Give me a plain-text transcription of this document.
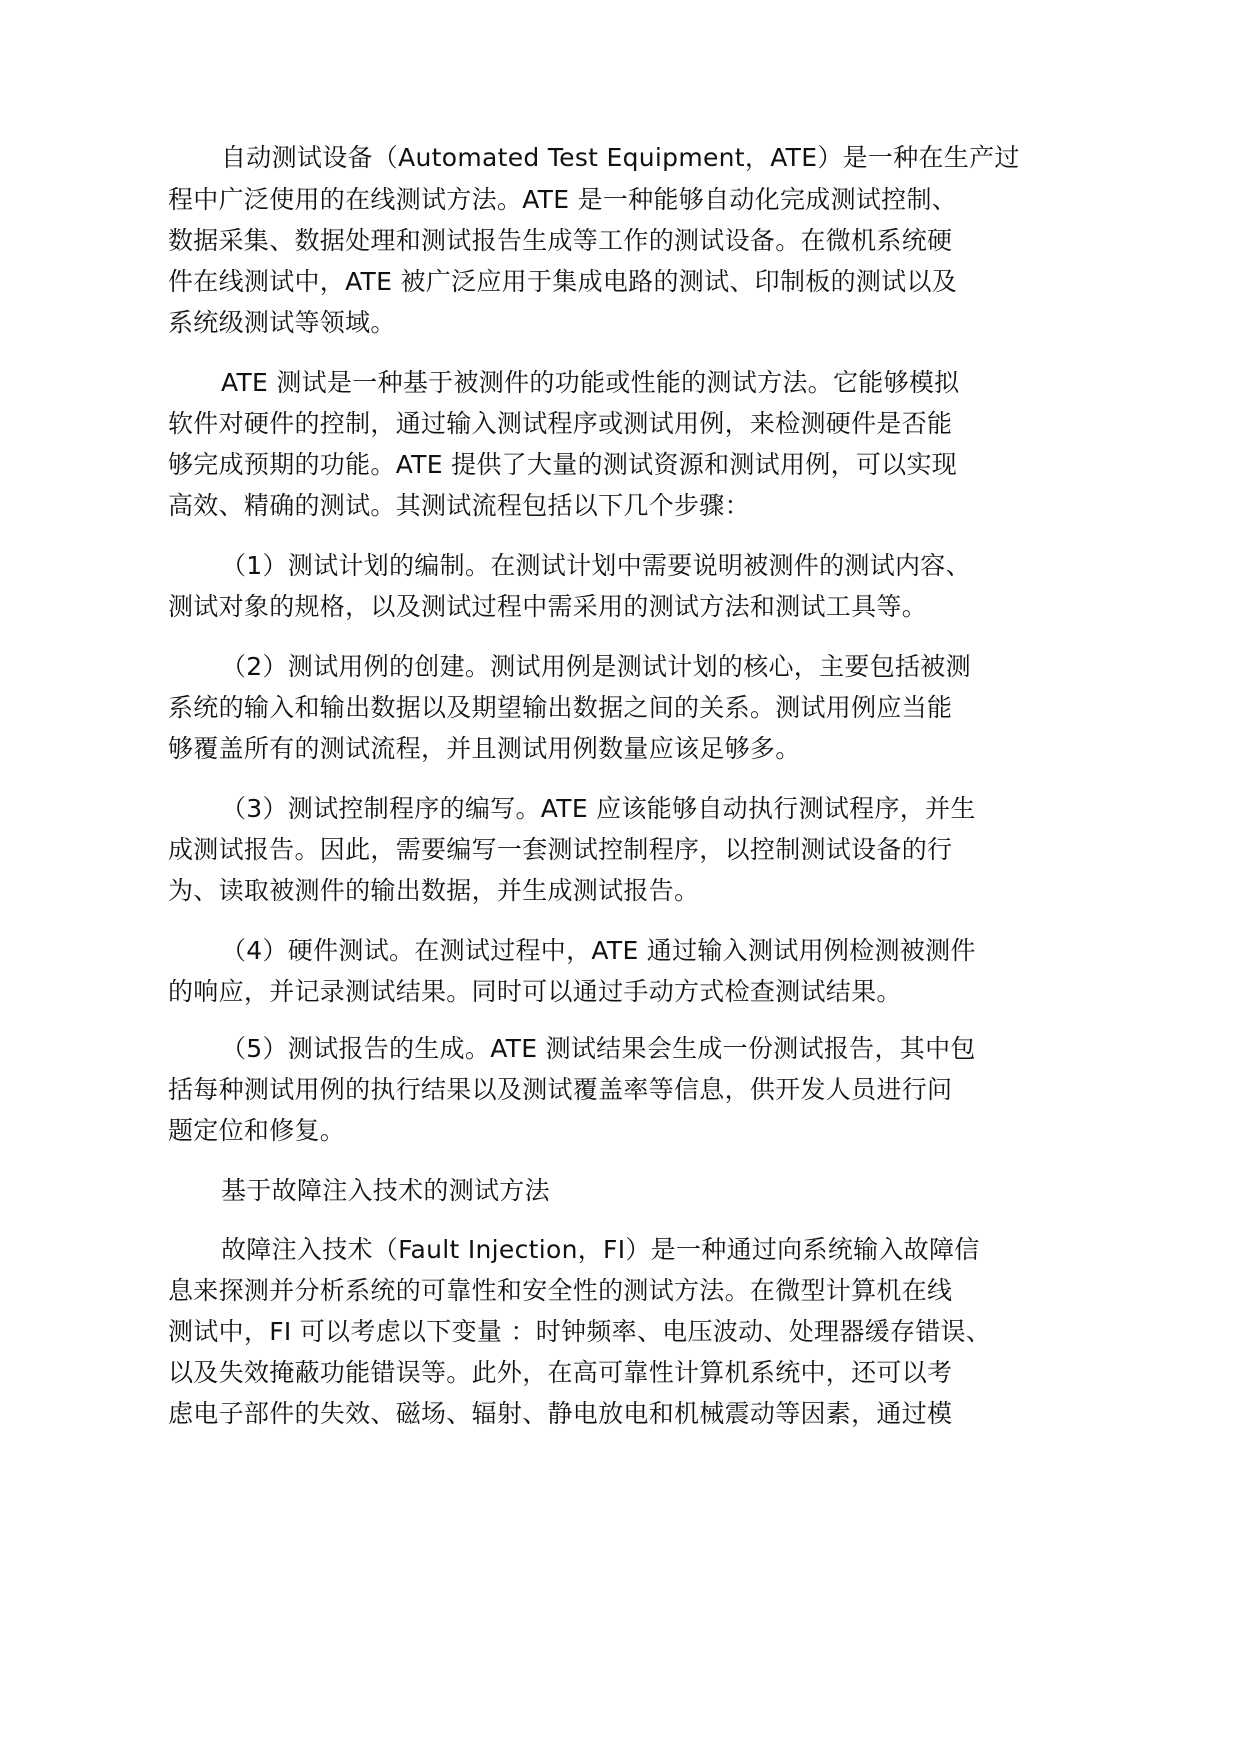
自动测试设备（Automated Test Equipment，ATE）是一种在生产过

程中广泛使用的在线测试方法。ATE 是一种能够自动化完成测试控制、

数据采集、数据处理和测试报告生成等工作的测试设备。在微机系统硬

件在线测试中，ATE 被广泛应用于集成电路的测试、印制板的测试以及

系统级测试等领域。

ATE 测试是一种基于被测件的功能或性能的测试方法。它能够模拟

软件对硬件的控制，通过输入测试程序或测试用例，来检测硬件是否能

够完成预期的功能。ATE 提供了大量的测试资源和测试用例，可以实现

高效、精确的测试。其测试流程包括以下几个步骤：

（1）测试计划的编制。在测试计划中需要说明被测件的测试内容、

测试对象的规格，以及测试过程中需采用的测试方法和测试工具等。

（2）测试用例的创建。测试用例是测试计划的核心，主要包括被测

系统的输入和输出数据以及期望输出数据之间的关系。测试用例应当能

够覆盖所有的测试流程，并且测试用例数量应该足够多。

（3）测试控制程序的编写。ATE 应该能够自动执行测试程序，并生

成测试报告。因此，需要编写一套测试控制程序，以控制测试设备的行

为、读取被测件的输出数据，并生成测试报告。

（4）硬件测试。在测试过程中，ATE 通过输入测试用例检测被测件

的响应，并记录测试结果。同时可以通过手动方式检查测试结果。

（5）测试报告的生成。ATE 测试结果会生成一份测试报告，其中包

括每种测试用例的执行结果以及测试覆盖率等信息，供开发人员进行问

题定位和修复。

基于故障注入技术的测试方法

故障注入技术（Fault Injection，FI）是一种通过向系统输入故障信

息来探测并分析系统的可靠性和安全性的测试方法。在微型计算机在线

测试中，FI 可以考虑以下变量 ：时钟频率、电压波动、处理器缓存错误、

以及失效掩蔽功能错误等。此外，在高可靠性计算机系统中，还可以考

虑电子部件的失效、磁场、辐射、静电放电和机械震动等因素，通过模
